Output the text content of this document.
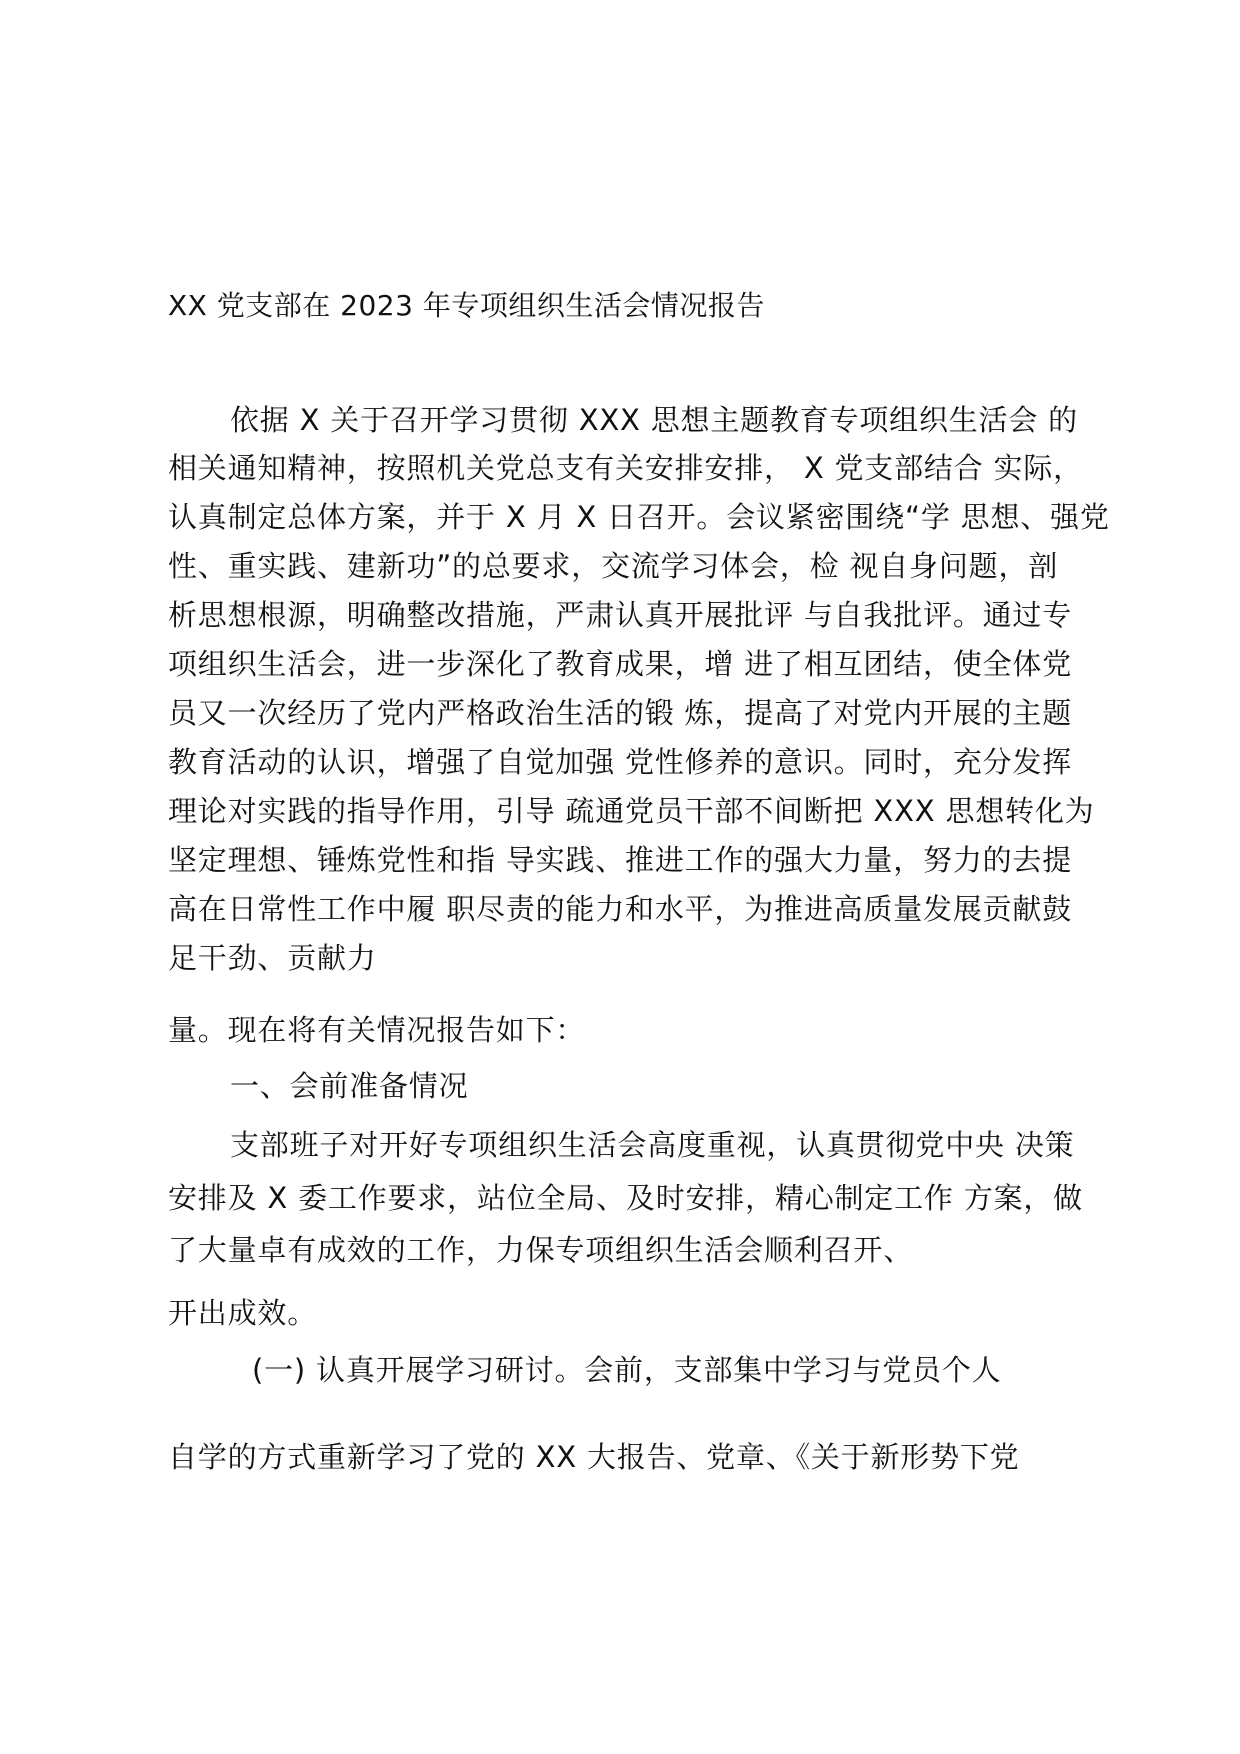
XX 党支部在 2023 年专项组织生活会情况报告
依据 X 关于召开学习贯彻 XXX 思想主题教育专项组织生活会 的
相关通知精神，按照机关党总支有关安排安排， X 党支部结合 实际，
认真制定总体方案，并于 X 月 X 日召开。会议紧密围绕“学 思想、强党
性、重实践、建新功”的总要求，交流学习体会，检 视自身问题，剖
析思想根源，明确整改措施，严肃认真开展批评 与自我批评。通过专
项组织生活会，进一步深化了教育成果，增 进了相互团结，使全体党
员又一次经历了党内严格政治生活的锻 炼，提高了对党内开展的主题
教育活动的认识，增强了自觉加强 党性修养的意识。同时，充分发挥
理论对实践的指导作用，引导 疏通党员干部不间断把 XXX 思想转化为
坚定理想、锤炼党性和指 导实践、推进工作的强大力量，努力的去提
高在日常性工作中履 职尽责的能力和水平，为推进高质量发展贡献鼓
足干劲、贡献力
量。现在将有关情况报告如下：
一、会前准备情况
支部班子对开好专项组织生活会高度重视，认真贯彻党中央 决策
安排及 X 委工作要求，站位全局、及时安排，精心制定工作 方案，做
了大量卓有成效的工作，力保专项组织生活会顺利召开、
开出成效。
(一) 认真开展学习研讨。会前，支部集中学习与党员个人
自学的方式重新学习了党的 XX 大报告、党章、《关于新形势下党
